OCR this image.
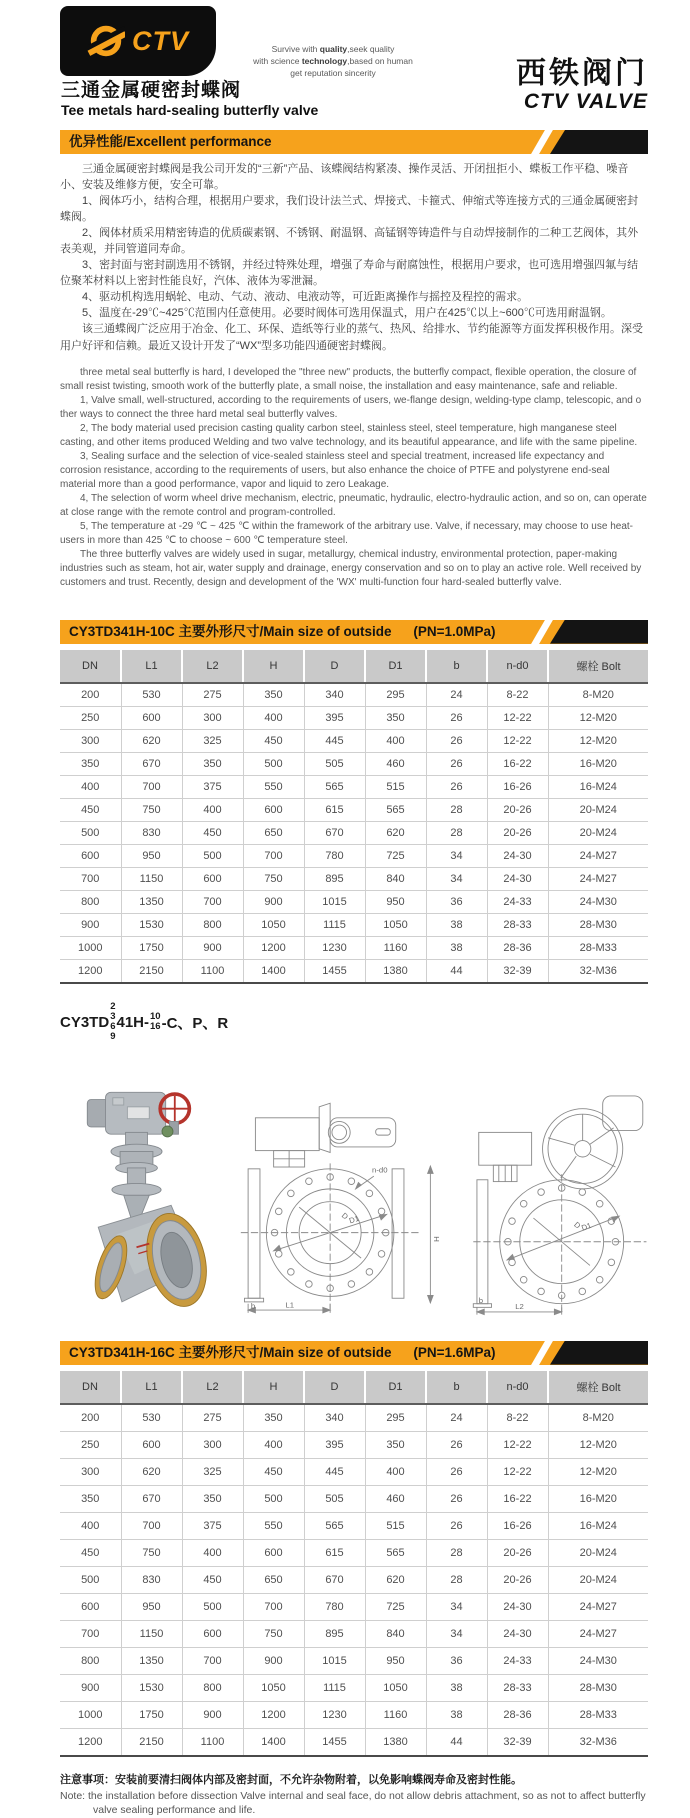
CTV	Survive with quality,seek quality
with science technology,based on human
get reputation sincerity	西铁阀门
CTV VALVE
三通金属硬密封蝶阀
Tee metals hard-sealing butterfly valve
优异性能/Excellent performance

三通金属硬密封蝶阀是我公司开发的“三新”产品、该蝶阀结构紧凑、操作灵活、开闭扭拒小、蝶板工作平稳、噪音小、安装及维修方便，安全可靠。

1、阀体巧小，结构合理，根据用户要求，我们设计法兰式、焊接式、卡箍式、伸缩式等连接方式的三通金属硬密封蝶阀。

2、阀体材质采用精密铸造的优质碳素钢、不锈钢、耐温钢、高锰钢等铸造件与自动焊接制作的二种工艺阀体，其外表美观，并同管道同寿命。

3、密封面与密封副选用不锈钢，并经过特殊处理，增强了寿命与耐腐蚀性，根据用户要求，也可选用增强四氟与结位聚苯材料以上密封性能良好，汽体、液体为零泄漏。

4、驱动机构选用蜗轮、电动、气动、液动、电液动等，可近距离操作与摇控及程控的需求。

5、温度在-29℃~425℃范围内任意使用。必要时阀体可选用保温式，用户在425℃以上~600℃可选用耐温钢。

该三通蝶阀广泛应用于冶金、化工、环保、造纸等行业的蒸气、热风、给排水、节约能源等方面发挥积极作用。深受用户好评和信赖。最近又设计开发了“WX”型多功能四通硬密封蝶阀。

three metal seal butterfly is hard, I developed the "three new" products, the butterfly compact, flexible operation, the closure of small resist twisting, smooth work of the butterfly plate, a small noise, the installation and easy maintenance, safe and reliable.

1, Valve small, well-structured, according to the requirements of users, we-flange design, welding-type clamp, telescopic, and o ther ways to connect the three hard metal seal butterfly valves.

2, The body material used precision casting quality carbon steel, stainless steel, steel temperature, high manganese steel casting, and other items produced Welding and two valve technology, and its beautiful appearance, and life with the same pipeline.

3, Sealing surface and the selection of vice-sealed stainless steel and special treatment, increased life expectancy and corrosion resistance, according to the requirements of users, but also enhance the choice of PTFE and polystyrene end-seal material more than a good performance, vapor and liquid to zero Leakage.

4, The selection of worm wheel drive mechanism, electric, pneumatic, hydraulic, electro-hydraulic action, and so on, can operate at close range with the remote control and program-controlled.

5, The temperature at -29 ℃ ~ 425 ℃ within the framework of the arbitrary use. Valve, if necessary, may choose to use heat-users in more than 425 ℃ to choose ~ 600 ℃ temperature steel.

The three butterfly valves are widely used in sugar, metallurgy, chemical industry, environmental protection, paper-making industries such as steam, hot air, water supply and drainage, energy conservation and so on to play an active role. Well received by customers and trust. Recently, design and development of the 'WX' multi-function four hard-sealed butterfly valve.

CY3TD341H-10C 主要外形尺寸/Main size of outside (PN=1.0MPa)
DN	L1	L2	H	D	D1	b	n-d0	螺栓 Bolt
200	530	275	350	340	295	24	8-22	8-M20
250	600	300	400	395	350	26	12-22	12-M20
300	620	325	450	445	400	26	12-22	12-M20
350	670	350	500	505	460	26	16-22	16-M20
400	700	375	550	565	515	26	16-26	16-M24
450	750	400	600	615	565	28	20-26	20-M24
500	830	450	650	670	620	28	20-26	20-M24
600	950	500	700	780	725	34	24-30	24-M27
700	1150	600	750	895	840	34	24-30	24-M27
800	1350	700	900	1015	950	36	24-33	24-M30
900	1530	800	1050	1115	1050	38	28-33	28-M30
1000	1750	900	1200	1230	1160	38	28-36	28-M33
1200	2150	1100	1400	1455	1380	44	32-39	32-M36
CY3TD
2
3
6
9
41H- 10
16 -C、P、R
n-d0
D
D1
H
b	L1
D
D1
b
L2
CY3TD341H-16C 主要外形尺寸/Main size of outside (PN=1.6MPa)
DN	L1	L2	H	D	D1	b	n-d0	螺栓 Bolt
200	530	275	350	340	295	24	8-22	8-M20
250	600	300	400	395	350	26	12-22	12-M20
300	620	325	450	445	400	26	12-22	12-M20
350	670	350	500	505	460	26	16-22	16-M20
400	700	375	550	565	515	26	16-26	16-M24
450	750	400	600	615	565	28	20-26	20-M24
500	830	450	650	670	620	28	20-26	20-M24
600	950	500	700	780	725	34	24-30	24-M27
700	1150	600	750	895	840	34	24-30	24-M27
800	1350	700	900	1015	950	36	24-33	24-M30
900	1530	800	1050	1115	1050	38	28-33	28-M30
1000	1750	900	1200	1230	1160	38	28-36	28-M33
1200	2150	1100	1400	1455	1380	44	32-39	32-M36
注意事项：安装前要清扫阀体内部及密封面，不允许杂物附着，以免影响蝶阀寿命及密封性能。
Note: the installation before dissection Valve internal and seal face, do not allow debris attachment, so as not to affect butterfly valve sealing performance and life.
